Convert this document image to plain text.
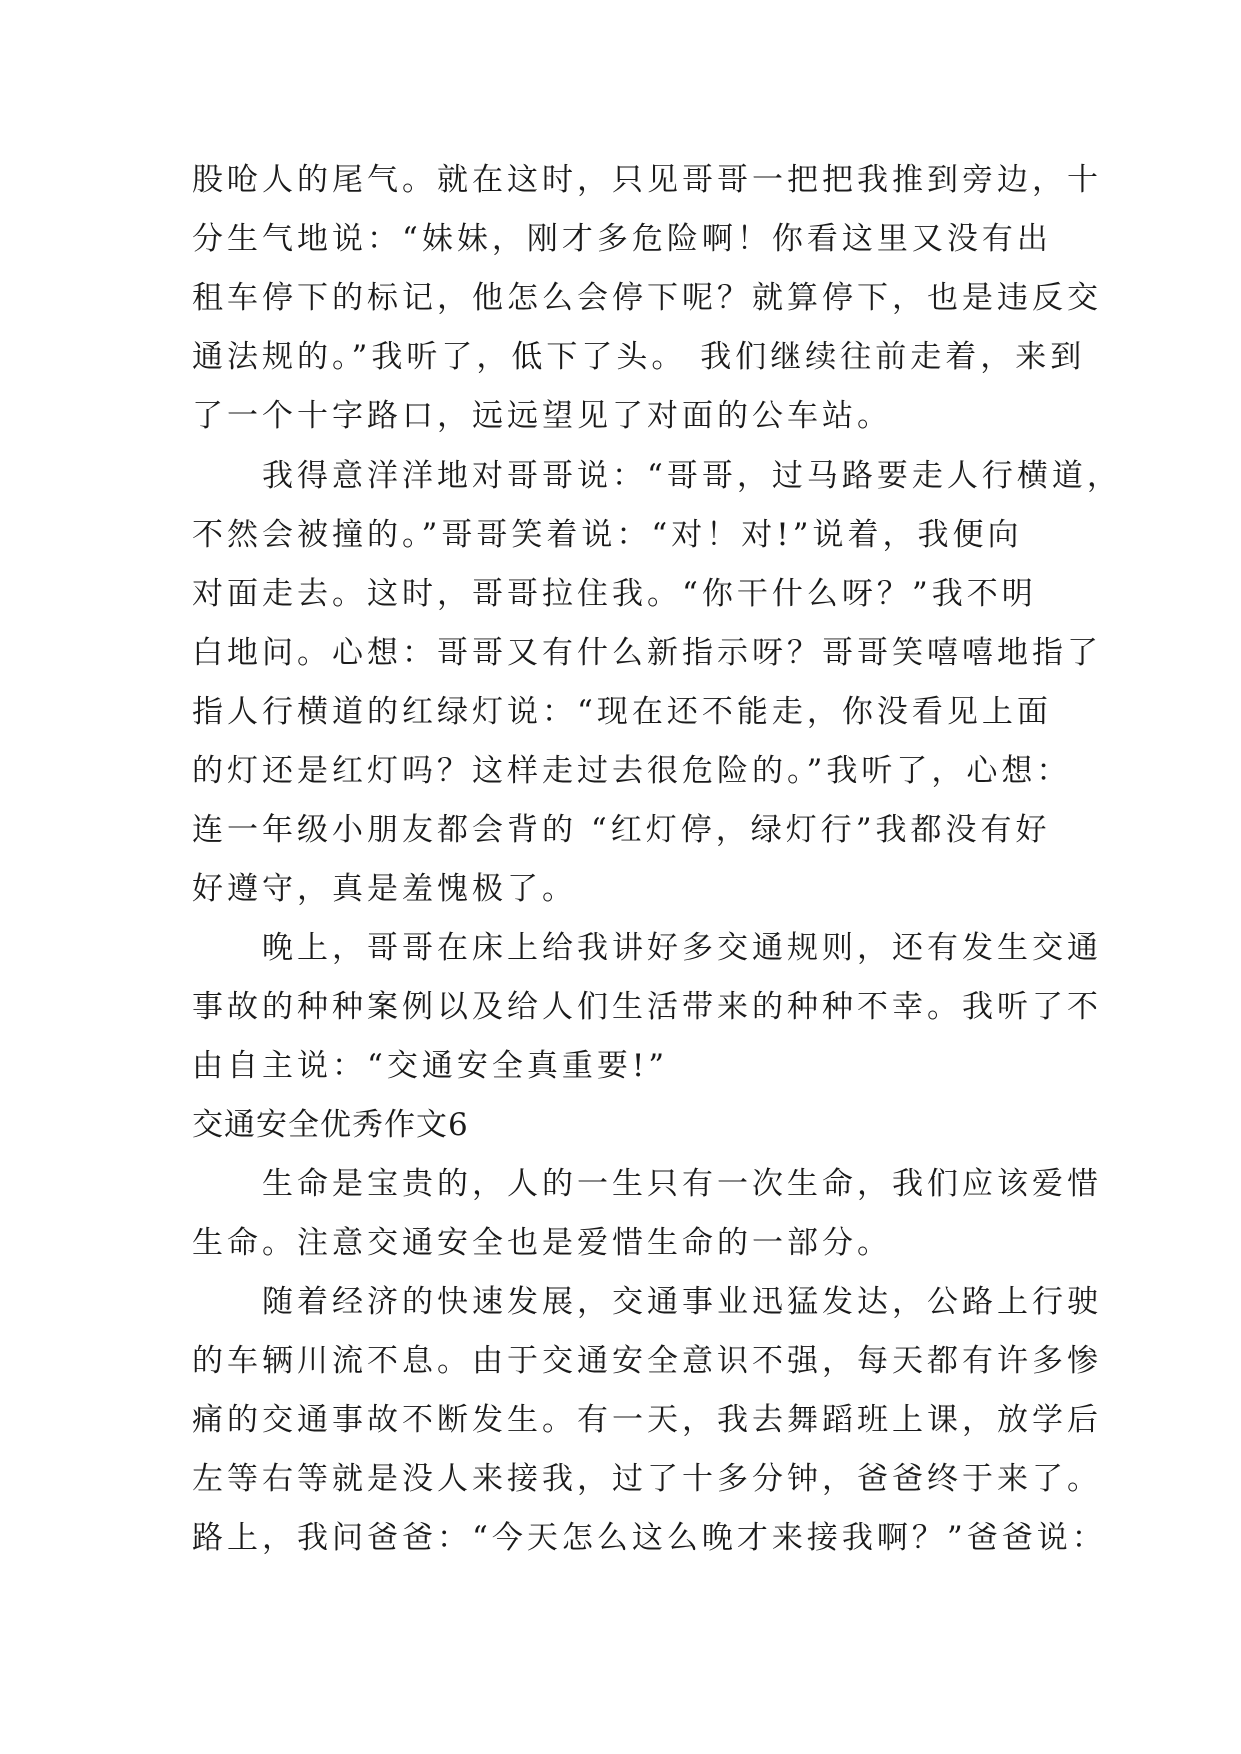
股呛人的尾气。就在这时，只见哥哥一把把我推到旁边，十
分生气地说：“妹妹，刚才多危险啊！你看这里又没有出
租车停下的标记，他怎么会停下呢？就算停下，也是违反交
通法规的。”我听了，低下了头。 我们继续往前走着，来到
了一个十字路口，远远望见了对面的公车站。
　　我得意洋洋地对哥哥说：“哥哥，过马路要走人行横道，
不然会被撞的。”哥哥笑着说：“对！对!”说着，我便向
对面走去。这时，哥哥拉住我。“你干什么呀？”我不明
白地问。心想：哥哥又有什么新指示呀？哥哥笑嘻嘻地指了
指人行横道的红绿灯说：“现在还不能走，你没看见上面
的灯还是红灯吗？这样走过去很危险的。”我听了，心想：
连一年级小朋友都会背的 “红灯停，绿灯行”我都没有好
好遵守，真是羞愧极了。
　　晚上，哥哥在床上给我讲好多交通规则，还有发生交通
事故的种种案例以及给人们生活带来的种种不幸。我听了不
由自主说：“交通安全真重要!”
交通安全优秀作文6
　　生命是宝贵的，人的一生只有一次生命，我们应该爱惜
生命。注意交通安全也是爱惜生命的一部分。
　　随着经济的快速发展，交通事业迅猛发达，公路上行驶
的车辆川流不息。由于交通安全意识不强，每天都有许多惨
痛的交通事故不断发生。有一天，我去舞蹈班上课，放学后
左等右等就是没人来接我，过了十多分钟，爸爸终于来了。
路上，我问爸爸：“今天怎么这么晚才来接我啊？”爸爸说：
